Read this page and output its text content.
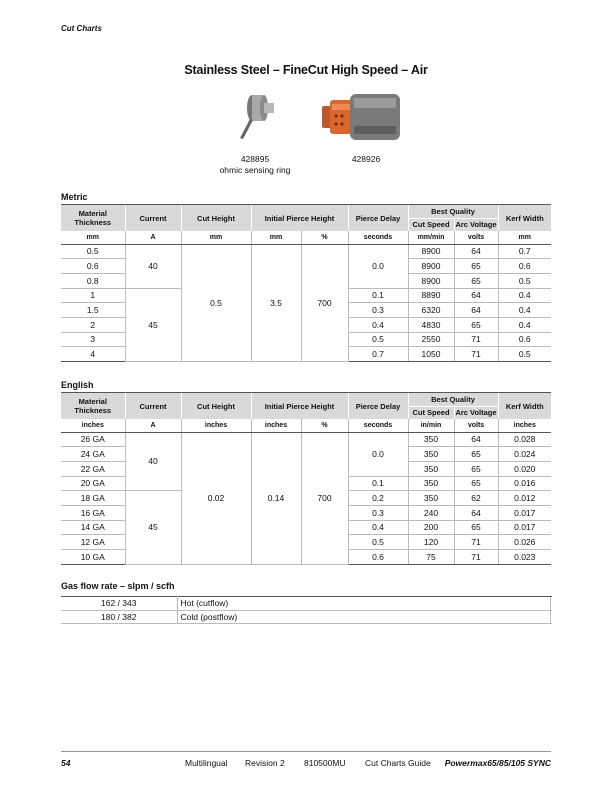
Cut Charts
Stainless Steel – FineCut High Speed – Air
428895
ohmic sensing ring
428926
Metric
Material Thickness	Current	Cut Height	Initial Pierce Height		Pierce Delay	Best Quality		Kerf Width
						Cut Speed	Arc Voltage	
mm	A	mm	mm	%	seconds	mm/min	volts	mm
0.5	40	0.5	3.5	700	0.0	8900	64	0.7
0.6						8900	65	0.6
0.8						8900	65	0.5
1	45				0.1	8890	64	0.4
1.5					0.3	6320	64	0.4
2					0.4	4830	65	0.4
3					0.5	2550	71	0.6
4					0.7	1050	71	0.5
English
Material Thickness	Current	Cut Height	Initial Pierce Height		Pierce Delay	Best Quality		Kerf Width
						Cut Speed	Arc Voltage	
inches	A	inches	inches	%	seconds	in/min	volts	inches
26 GA	40	0.02	0.14	700	0.0	350	64	0.028
24 GA						350	65	0.024
22 GA						350	65	0.020
20 GA					0.1	350	65	0.016
18 GA	45				0.2	350	62	0.012
16 GA					0.3	240	64	0.017
14 GA					0.4	200	65	0.017
12 GA					0.5	120	71	0.026
10 GA					0.6	75	71	0.023
Gas flow rate – slpm / scfh
162 / 343	Hot (cutflow)	
180 / 382	Cold (postflow)	
54	Multilingual Revision 2 810500MU Cut Charts Guide Powermax65/85/105 SYNC
